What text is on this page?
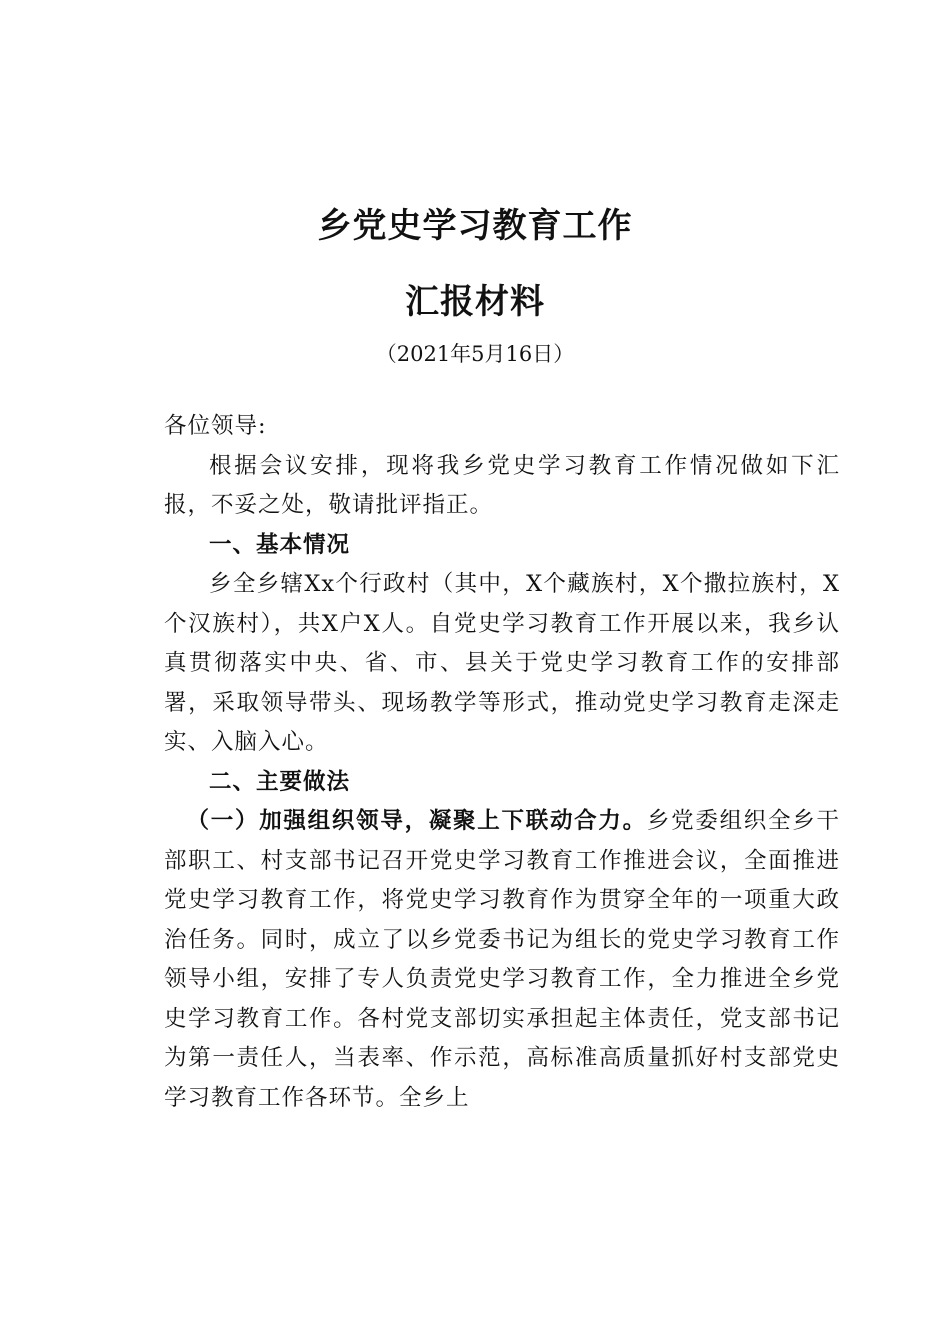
乡党史学习教育工作
汇报材料
（2021年5月16日）

各位领导:

根据会议安排，现将我乡党史学习教育工作情况做如下汇报，不妥之处，敬请批评指正。

一、基本情况

乡全乡辖Xx个行政村（其中，X个藏族村，X个撒拉族村，X个汉族村），共X户X人。自党史学习教育工作开展以来，我乡认真贯彻落实中央、省、市、县关于党史学习教育工作的安排部署，采取领导带头、现场教学等形式，推动党史学习教育走深走实、入脑入心。

二、主要做法

（一）加强组织领导，凝聚上下联动合力。乡党委组织全乡干部职工、村支部书记召开党史学习教育工作推进会议，全面推进党史学习教育工作，将党史学习教育作为贯穿全年的一项重大政治任务。同时，成立了以乡党委书记为组长的党史学习教育工作领导小组，安排了专人负责党史学习教育工作，全力推进全乡党史学习教育工作。各村党支部切实承担起主体责任，党支部书记为第一责任人，当表率、作示范，高标准高质量抓好村支部党史学习教育工作各环节。全乡上
